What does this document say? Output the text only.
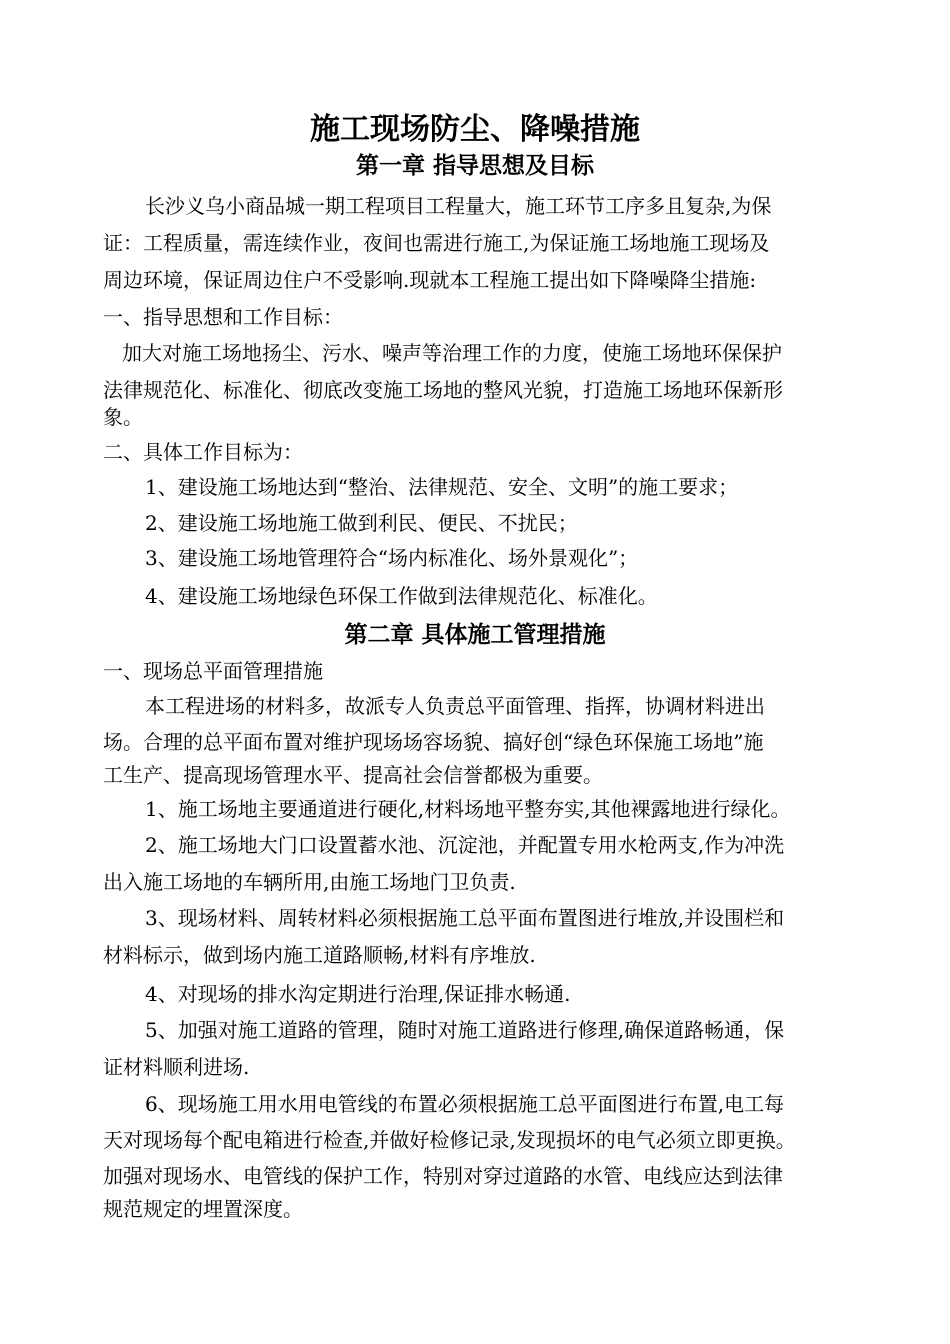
施工现场防尘、降噪措施
第一章 指导思想及目标
长沙义乌小商品城一期工程项目工程量大，施工环节工序多且复杂,为保
证：工程质量，需连续作业，夜间也需进行施工,为保证施工场地施工现场及
周边环境，保证周边住户不受影响.现就本工程施工提出如下降噪降尘措施:
一、指导思想和工作目标：
加大对施工场地扬尘、污水、噪声等治理工作的力度，使施工场地环保保护
法律规范化、标准化、彻底改变施工场地的整风光貌，打造施工场地环保新形
象。
二、具体工作目标为：
1、建设施工场地达到“整治、法律规范、安全、文明”的施工要求；
2、建设施工场地施工做到利民、便民、不扰民；
3、建设施工场地管理符合“场内标准化、场外景观化”；
4、建设施工场地绿色环保工作做到法律规范化、标准化。
第二章 具体施工管理措施
一、现场总平面管理措施
本工程进场的材料多，故派专人负责总平面管理、指挥，协调材料进出
场。合理的总平面布置对维护现场场容场貌、搞好创“绿色环保施工场地”施
工生产、提高现场管理水平、提高社会信誉都极为重要。
1、施工场地主要通道进行硬化,材料场地平整夯实,其他裸露地进行绿化。
2、施工场地大门口设置蓄水池、沉淀池，并配置专用水枪两支,作为冲洗
出入施工场地的车辆所用,由施工场地门卫负责.
3、现场材料、周转材料必须根据施工总平面布置图进行堆放,并设围栏和
材料标示，做到场内施工道路顺畅,材料有序堆放.
4、对现场的排水沟定期进行治理,保证排水畅通.
5、加强对施工道路的管理，随时对施工道路进行修理,确保道路畅通，保
证材料顺利进场.
6、现场施工用水用电管线的布置必须根据施工总平面图进行布置,电工每
天对现场每个配电箱进行检查,并做好检修记录,发现损坏的电气必须立即更换。
加强对现场水、电管线的保护工作，特别对穿过道路的水管、电线应达到法律
规范规定的埋置深度。
